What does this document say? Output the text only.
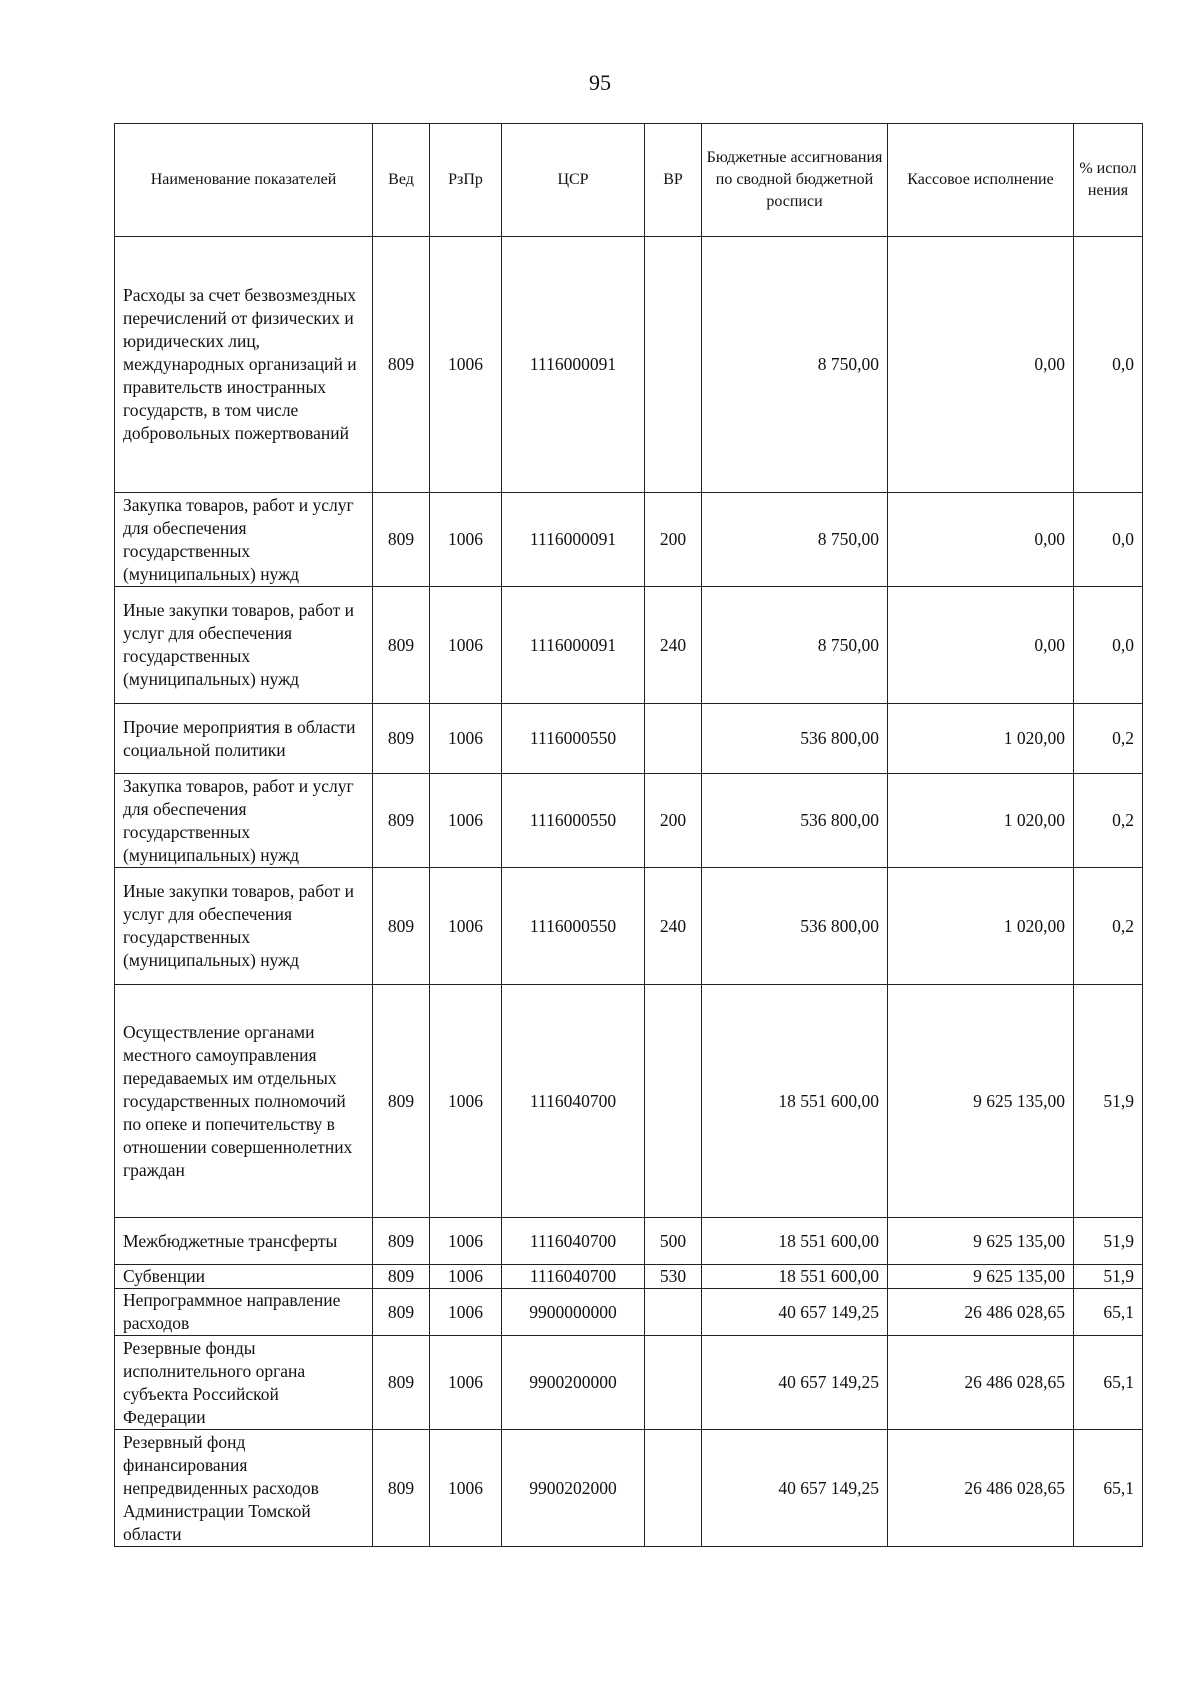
95
Наименование показателей	Вед	РзПр	ЦСР	ВР	Бюджетные ассигнования по сводной бюджетной росписи	Кассовое исполнение	% испол нения
Расходы за счет безвозмездных перечислений от физических и юридических лиц, международных организаций и правительств иностранных государств, в том числе добровольных пожертвований	809	1006	1116000091		8 750,00	0,00	0,0
Закупка товаров, работ и услуг для обеспечения государственных (муниципальных) нужд	809	1006	1116000091	200	8 750,00	0,00	0,0
Иные закупки товаров, работ и услуг для обеспечения государственных (муниципальных) нужд	809	1006	1116000091	240	8 750,00	0,00	0,0
Прочие мероприятия в области социальной политики	809	1006	1116000550		536 800,00	1 020,00	0,2
Закупка товаров, работ и услуг для обеспечения государственных (муниципальных) нужд	809	1006	1116000550	200	536 800,00	1 020,00	0,2
Иные закупки товаров, работ и услуг для обеспечения государственных (муниципальных) нужд	809	1006	1116000550	240	536 800,00	1 020,00	0,2
Осуществление органами местного самоуправления передаваемых им отдельных государственных полномочий по опеке и попечительству в отношении совершеннолетних граждан	809	1006	1116040700		18 551 600,00	9 625 135,00	51,9
Межбюджетные трансферты	809	1006	1116040700	500	18 551 600,00	9 625 135,00	51,9
Субвенции	809	1006	1116040700	530	18 551 600,00	9 625 135,00	51,9
Непрограммное направление расходов	809	1006	9900000000		40 657 149,25	26 486 028,65	65,1
Резервные фонды исполнительного органа субъекта Российской Федерации	809	1006	9900200000		40 657 149,25	26 486 028,65	65,1
Резервный фонд финансирования непредвиденных расходов Администрации Томской области	809	1006	9900202000		40 657 149,25	26 486 028,65	65,1
